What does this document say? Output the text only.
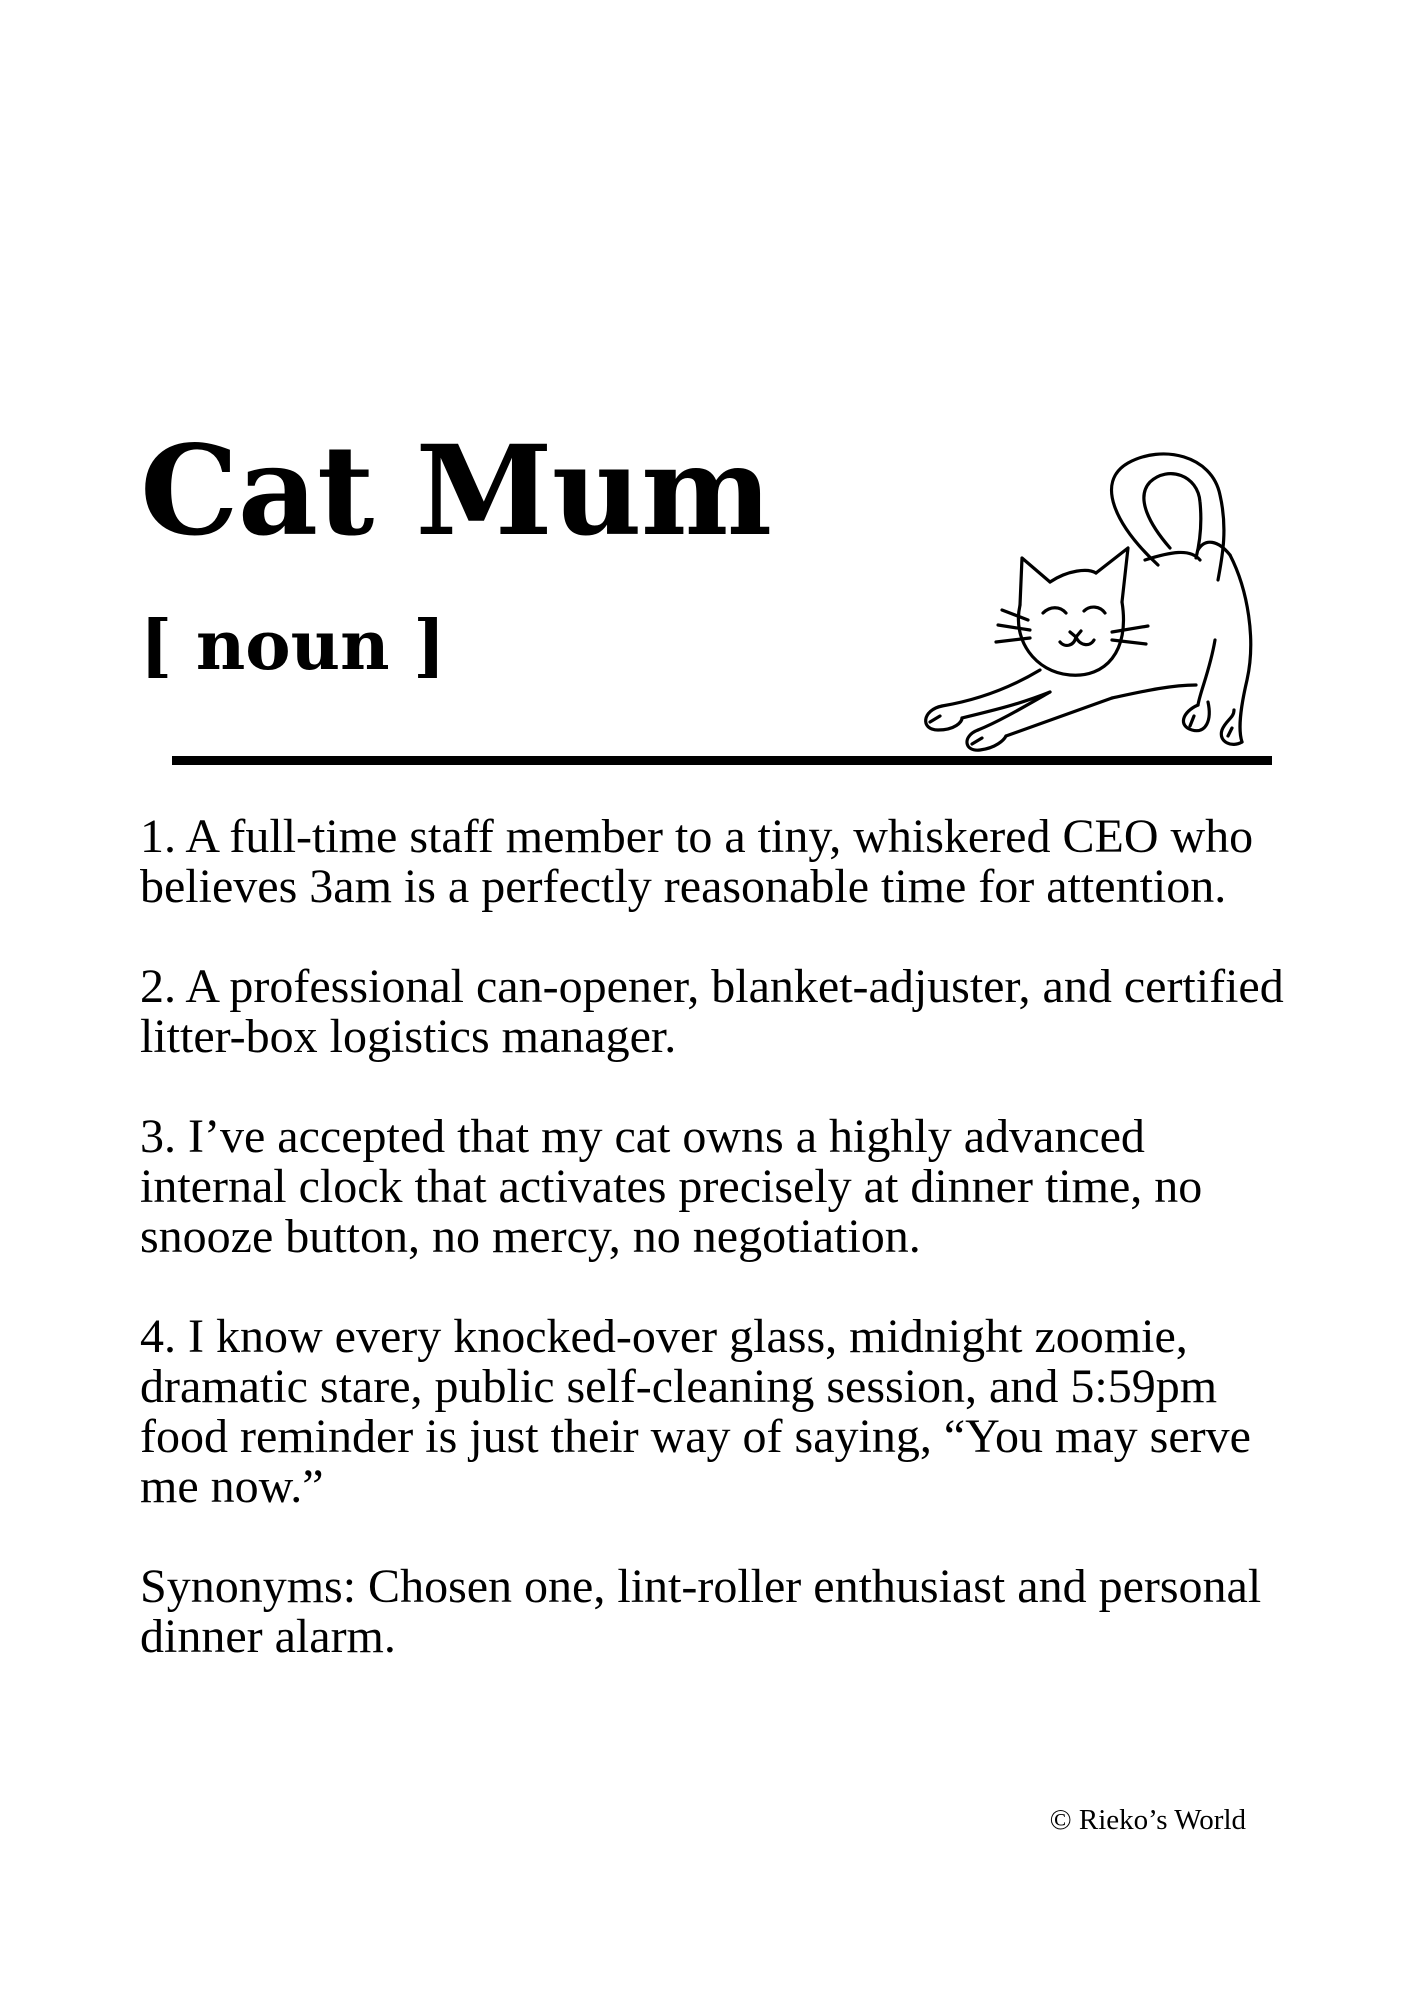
Cat Mum

[ noun ]

1. A full-time staff member to a tiny, whiskered CEO who believes 3am is a perfectly reasonable time for attention.
2. A professional can-opener, blanket-adjuster, and certified litter-box logistics manager.
3. I’ve accepted that my cat owns a highly advanced internal clock that activates precisely at dinner time, no snooze button, no mercy, no negotiation.
4. I know every knocked-over glass, midnight zoomie, dramatic stare, public self-cleaning session, and 5:59pm food reminder is just their way of saying, “You may serve me now.”
Synonyms: Chosen one, lint-roller enthusiast and personal dinner alarm.

© Rieko’s World
